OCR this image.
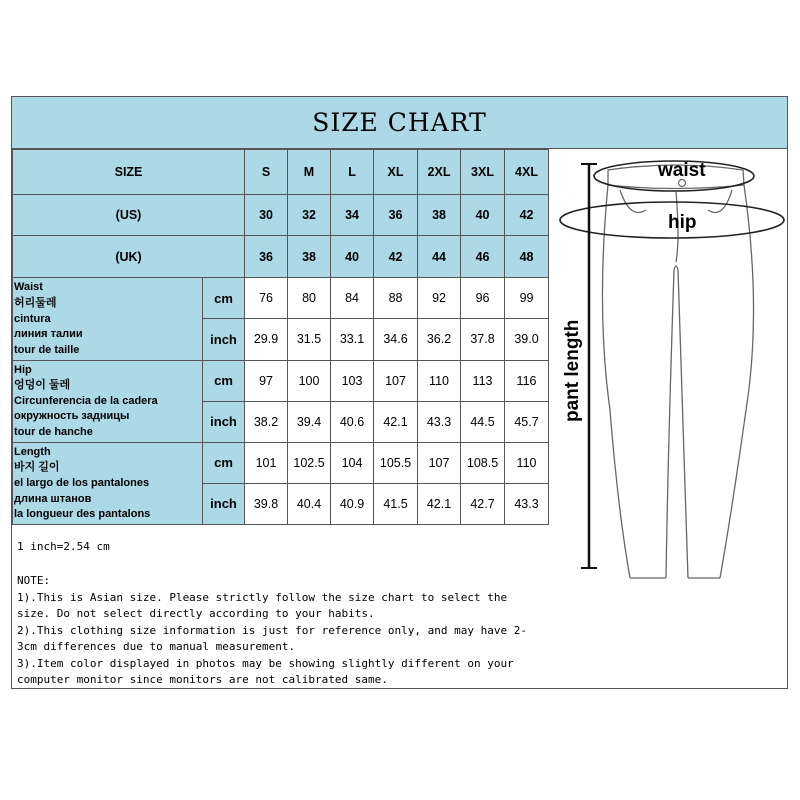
SIZE CHART
SIZE		S	M	L	XL	2XL	3XL	4XL
(US)		30	32	34	36	38	40	42
(UK)		36	38	40	42	44	46	48

Waist
허리둘레
cintura
линия талии
tour de taille	cm	76	80	84	88	92	96	99
	inch	29.9	31.5	33.1	34.6	36.2	37.8	39.0

Hip
엉덩이 둘레
Circunferencia de la cadera
окружность задницы
tour de hanche	cm	97	100	103	107	110	113	116
	inch	38.2	39.4	40.6	42.1	43.3	44.5	45.7

Length
바지 길이
el largo de los pantalones
длина штанов
la longueur des pantalons	cm	101	102.5	104	105.5	107	108.5	110
	inch	39.8	40.4	40.9	41.5	42.1	42.7	43.3
1 inch=2.54 cm
NOTE:
1).This is Asian size. Please strictly follow the size chart to select the
size. Do not select directly according to your habits.
2).This clothing size information is just for reference only, and may have 2-
3cm differences due to manual measurement.
3).Item color displayed in photos may be showing slightly different on your
computer monitor since monitors are not calibrated same.
waist
hip
pant length
